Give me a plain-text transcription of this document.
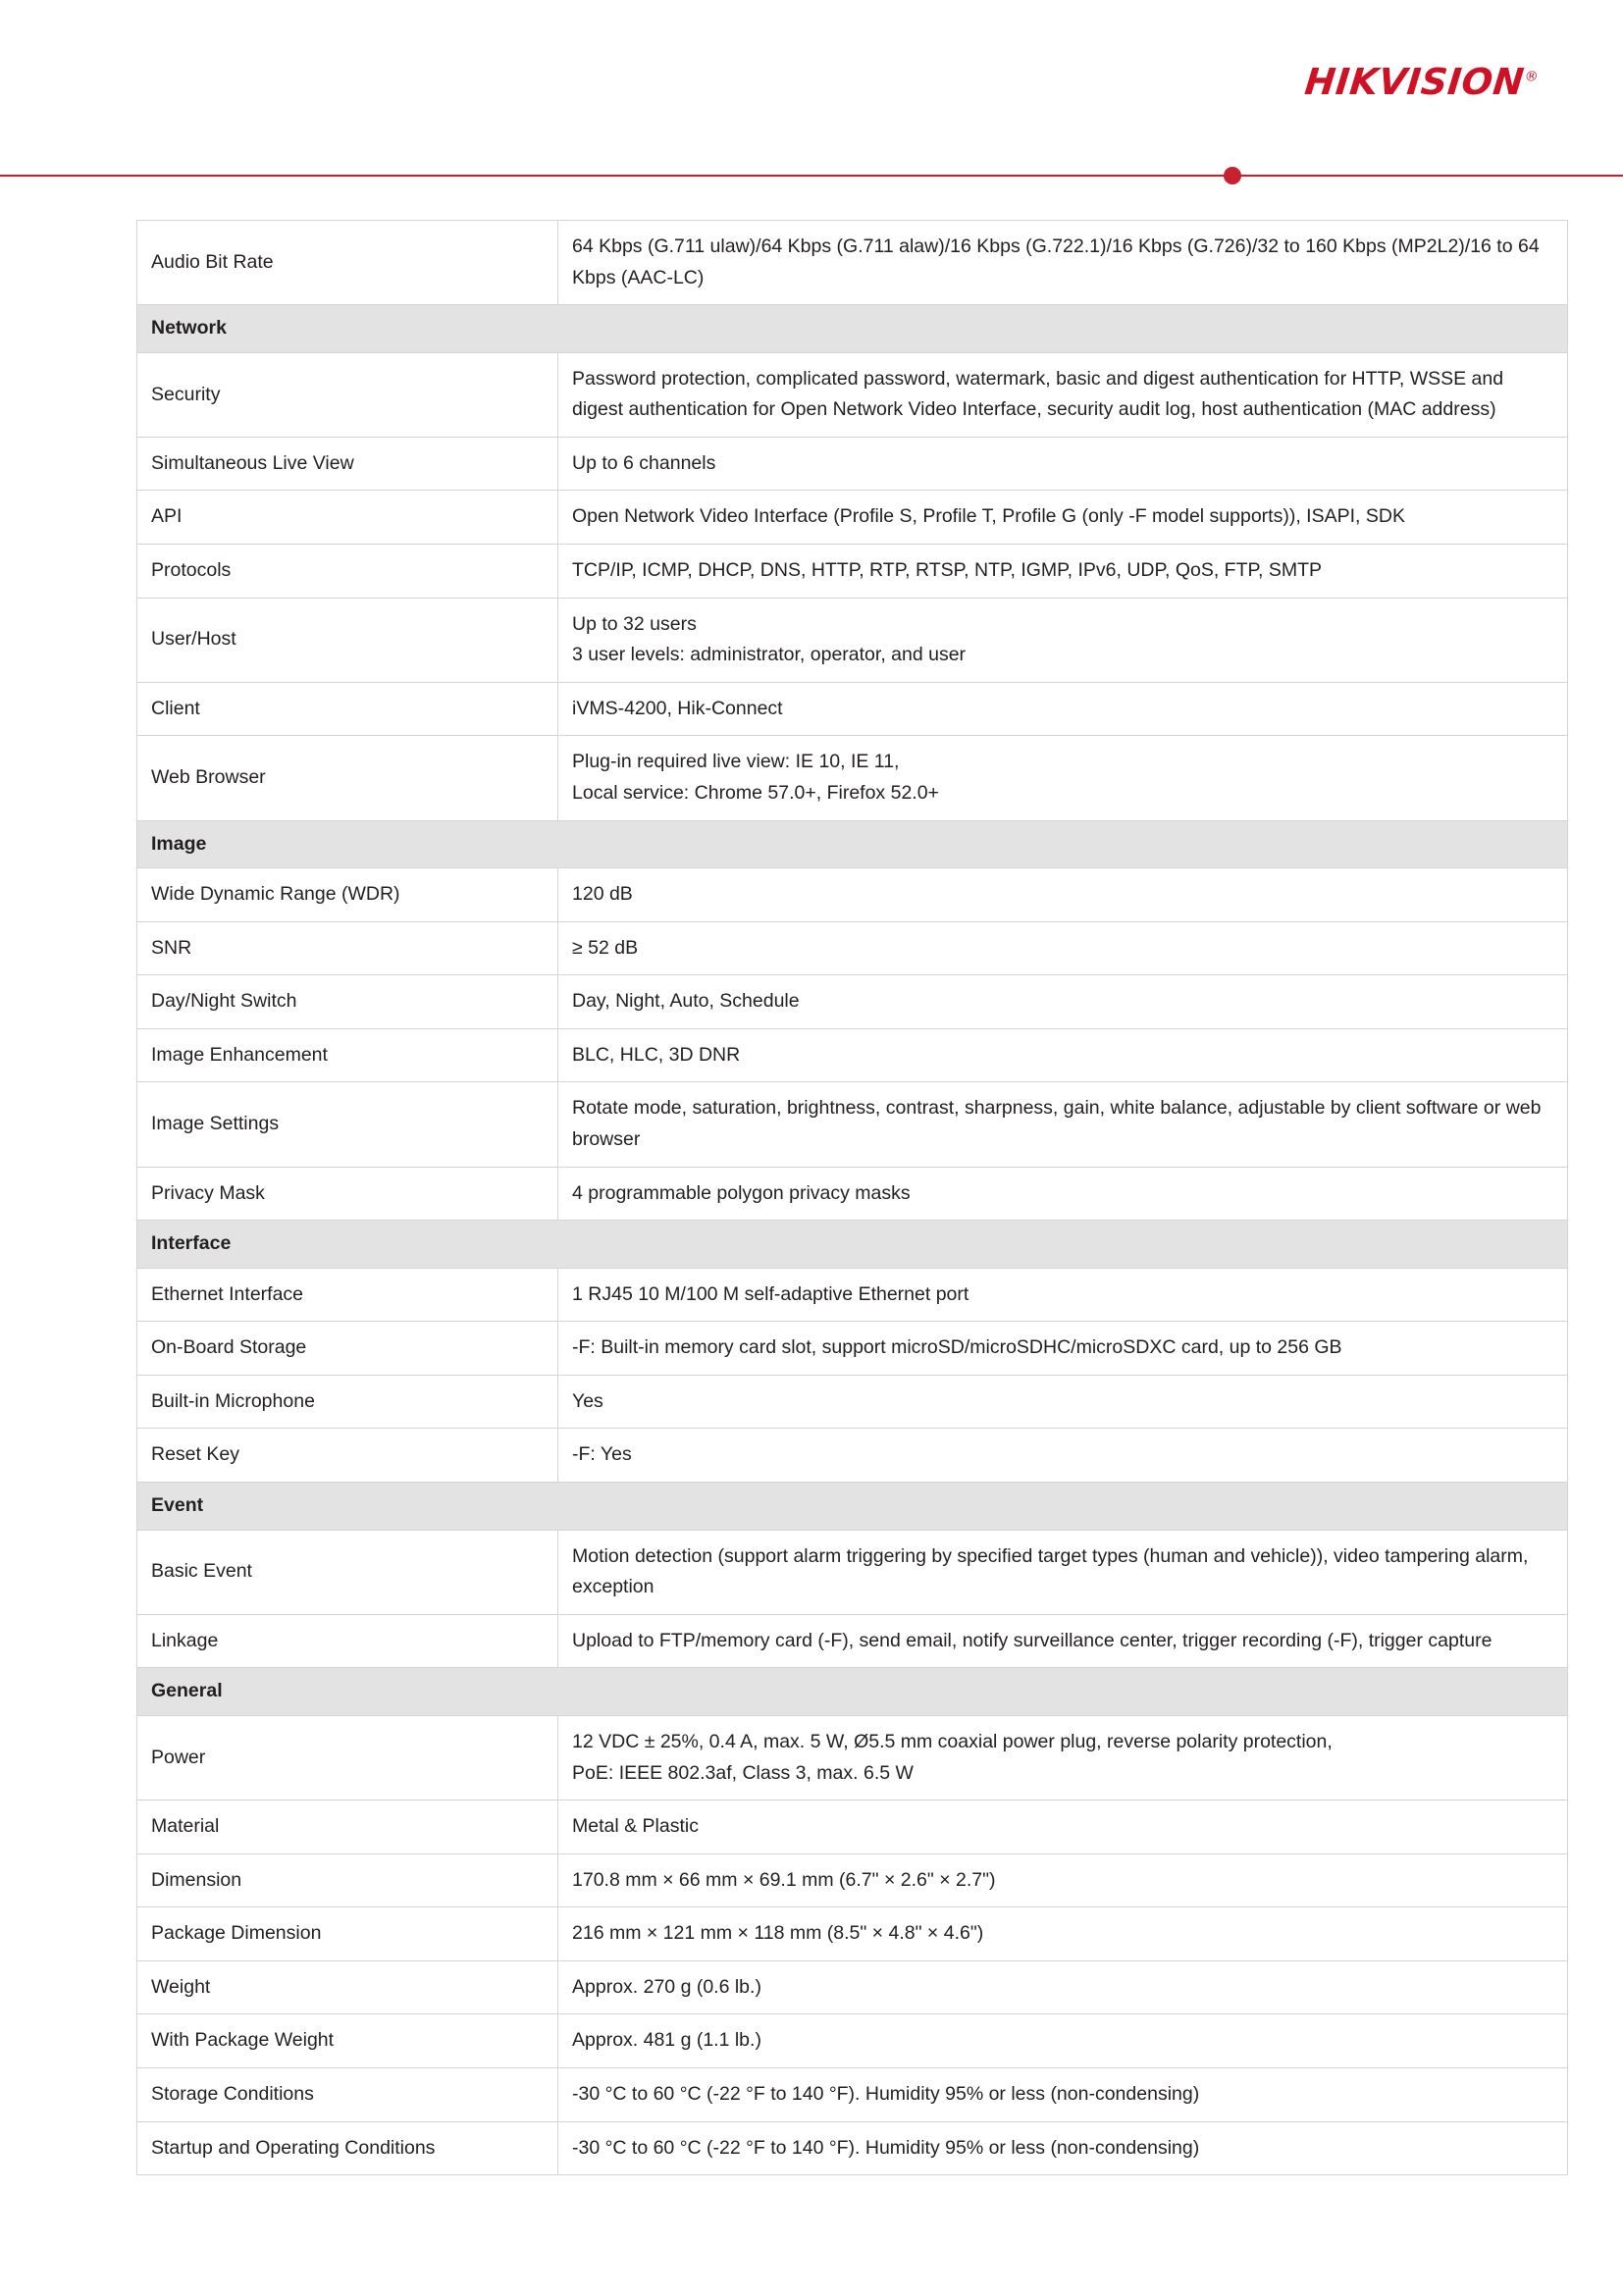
HIKVISION®
Audio Bit Rate	64 Kbps (G.711 ulaw)/64 Kbps (G.711 alaw)/16 Kbps (G.722.1)/16 Kbps (G.726)/32 to 160 Kbps (MP2L2)/16 to 64 Kbps (AAC-LC)
Network	
Security	Password protection, complicated password, watermark, basic and digest authentication for HTTP, WSSE and digest authentication for Open Network Video Interface, security audit log, host authentication (MAC address)
Simultaneous Live View	Up to 6 channels
API	Open Network Video Interface (Profile S, Profile T, Profile G (only -F model supports)), ISAPI, SDK
Protocols	TCP/IP, ICMP, DHCP, DNS, HTTP, RTP, RTSP, NTP, IGMP, IPv6, UDP, QoS, FTP, SMTP
User/Host	Up to 32 users
3 user levels: administrator, operator, and user

Client	iVMS-4200, Hik-Connect
Web Browser	Plug-in required live view: IE 10, IE 11,
Local service: Chrome 57.0+, Firefox 52.0+

Image	
Wide Dynamic Range (WDR)	120 dB
SNR	≥ 52 dB
Day/Night Switch	Day, Night, Auto, Schedule
Image Enhancement	BLC, HLC, 3D DNR
Image Settings	Rotate mode, saturation, brightness, contrast, sharpness, gain, white balance, adjustable by client software or web browser
Privacy Mask	4 programmable polygon privacy masks
Interface	
Ethernet Interface	1 RJ45 10 M/100 M self-adaptive Ethernet port
On-Board Storage	-F: Built-in memory card slot, support microSD/microSDHC/microSDXC card, up to 256 GB
Built-in Microphone	Yes
Reset Key	-F: Yes
Event	
Basic Event	Motion detection (support alarm triggering by specified target types (human and vehicle)), video tampering alarm, exception
Linkage	Upload to FTP/memory card (-F), send email, notify surveillance center, trigger recording (-F), trigger capture
General	
Power	12 VDC ± 25%, 0.4 A, max. 5 W, Ø5.5 mm coaxial power plug, reverse polarity protection,
PoE: IEEE 802.3af, Class 3, max. 6.5 W

Material	Metal & Plastic
Dimension	170.8 mm × 66 mm × 69.1 mm (6.7" × 2.6" × 2.7")
Package Dimension	216 mm × 121 mm × 118 mm (8.5" × 4.8" × 4.6")
Weight	Approx. 270 g (0.6 lb.)
With Package Weight	Approx. 481 g (1.1 lb.)
Storage Conditions	-30 °C to 60 °C (-22 °F to 140 °F). Humidity 95% or less (non-condensing)
Startup and Operating Conditions	-30 °C to 60 °C (-22 °F to 140 °F). Humidity 95% or less (non-condensing)
